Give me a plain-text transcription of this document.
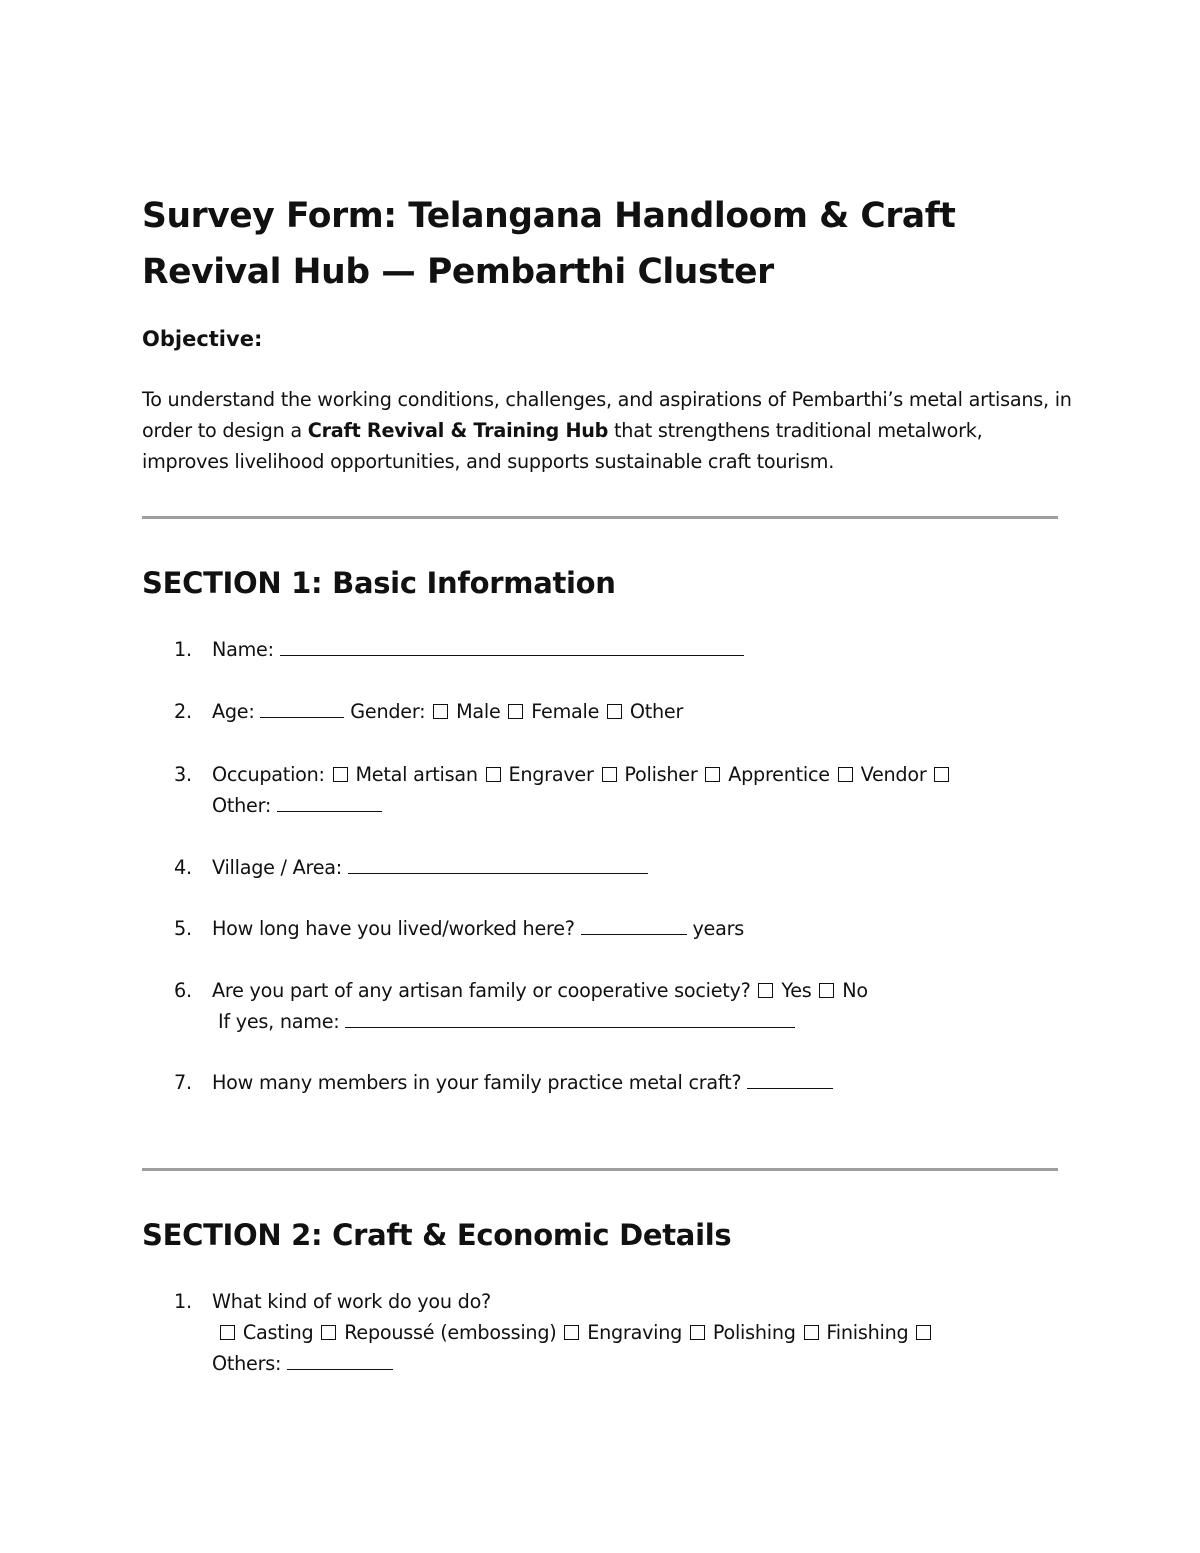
Survey Form: Telangana Handloom & Craft
Revival Hub — Pembarthi Cluster
Objective:
To understand the working conditions, challenges, and aspirations of Pembarthi’s metal artisans, in order to design a Craft Revival & Training Hub that strengthens traditional metalwork, improves livelihood opportunities, and supports sustainable craft tourism.
SECTION 1: Basic Information
1. Name:
2. Age:	Gender: Male Female Other
3. Occupation: Metal artisan Engraver Polisher Apprentice Vendor
Other:
4. Village / Area:
5. How long have you lived/worked here?	years
6. Are you part of any artisan family or cooperative society? Yes No
If yes, name:
7. How many members in your family practice metal craft?
SECTION 2: Craft & Economic Details
1. What kind of work do you do?
Casting Repoussé (embossing) Engraving Polishing Finishing
Others:
